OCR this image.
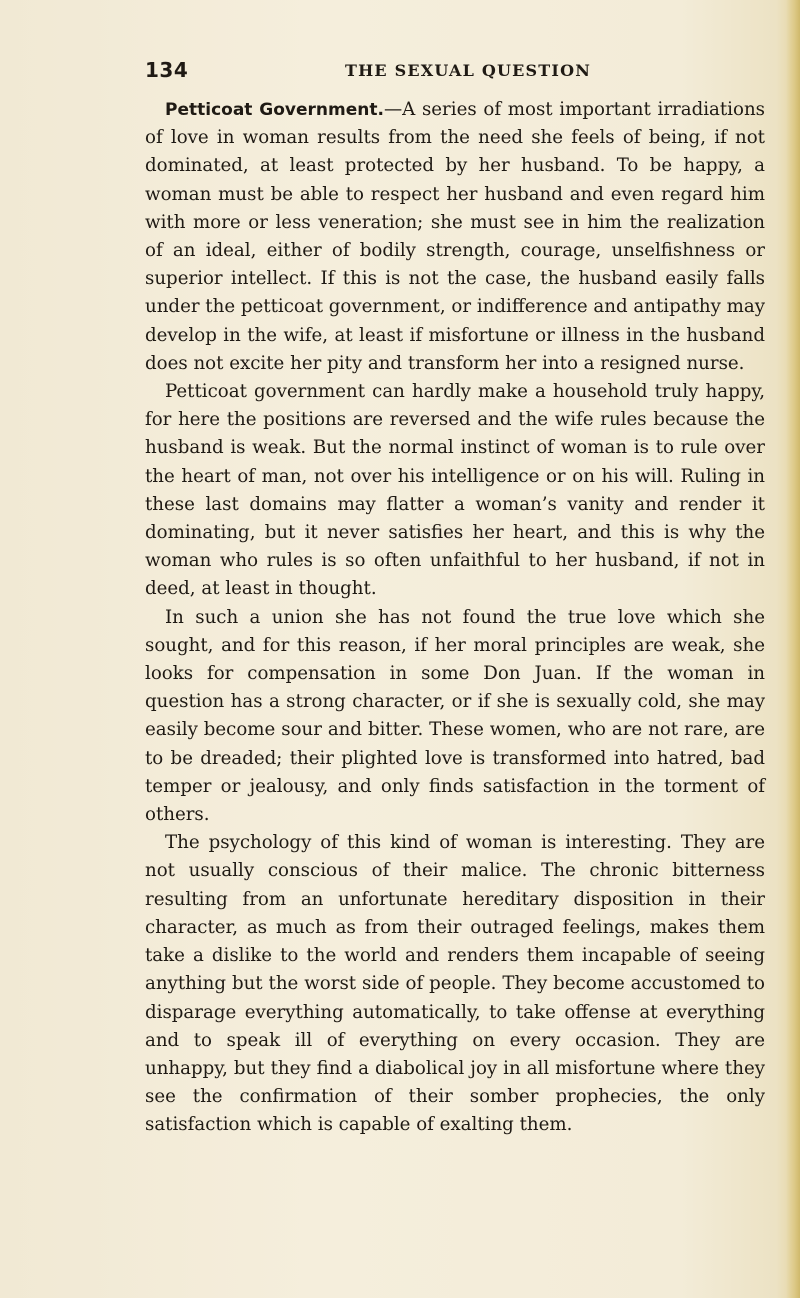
134	THE SEXUAL QUESTION

Petticoat Government.—A series of most important irradiations of love in woman results from the need she feels of being, if not dominated, at least protected by her husband. To be happy, a woman must be able to respect her husband and even regard him with more or less veneration; she must see in him the realization of an ideal, either of bodily strength, courage, unselfishness or superior intellect. If this is not the case, the husband easily falls under the petticoat government, or indifference and antipathy may develop in the wife, at least if misfortune or illness in the husband does not excite her pity and transform her into a resigned nurse.

Petticoat government can hardly make a household truly happy, for here the positions are reversed and the wife rules because the husband is weak. But the normal instinct of woman is to rule over the heart of man, not over his intelligence or on his will. Ruling in these last domains may flatter a woman’s vanity and render it dominating, but it never satisfies her heart, and this is why the woman who rules is so often unfaithful to her husband, if not in deed, at least in thought.

In such a union she has not found the true love which she sought, and for this reason, if her moral principles are weak, she looks for compensation in some Don Juan. If the woman in question has a strong character, or if she is sexually cold, she may easily become sour and bitter. These women, who are not rare, are to be dreaded; their plighted love is transformed into hatred, bad temper or jealousy, and only finds satisfaction in the torment of others.

The psychology of this kind of woman is interesting. They are not usually conscious of their malice. The chronic bitterness resulting from an unfortunate hereditary disposition in their character, as much as from their outraged feelings, makes them take a dislike to the world and renders them incapable of seeing anything but the worst side of people. They become accustomed to disparage everything automatically, to take offense at everything and to speak ill of everything on every occasion. They are unhappy, but they find a diabolical joy in all misfortune where they see the confirmation of their somber prophecies, the only satisfaction which is capable of exalting them.
